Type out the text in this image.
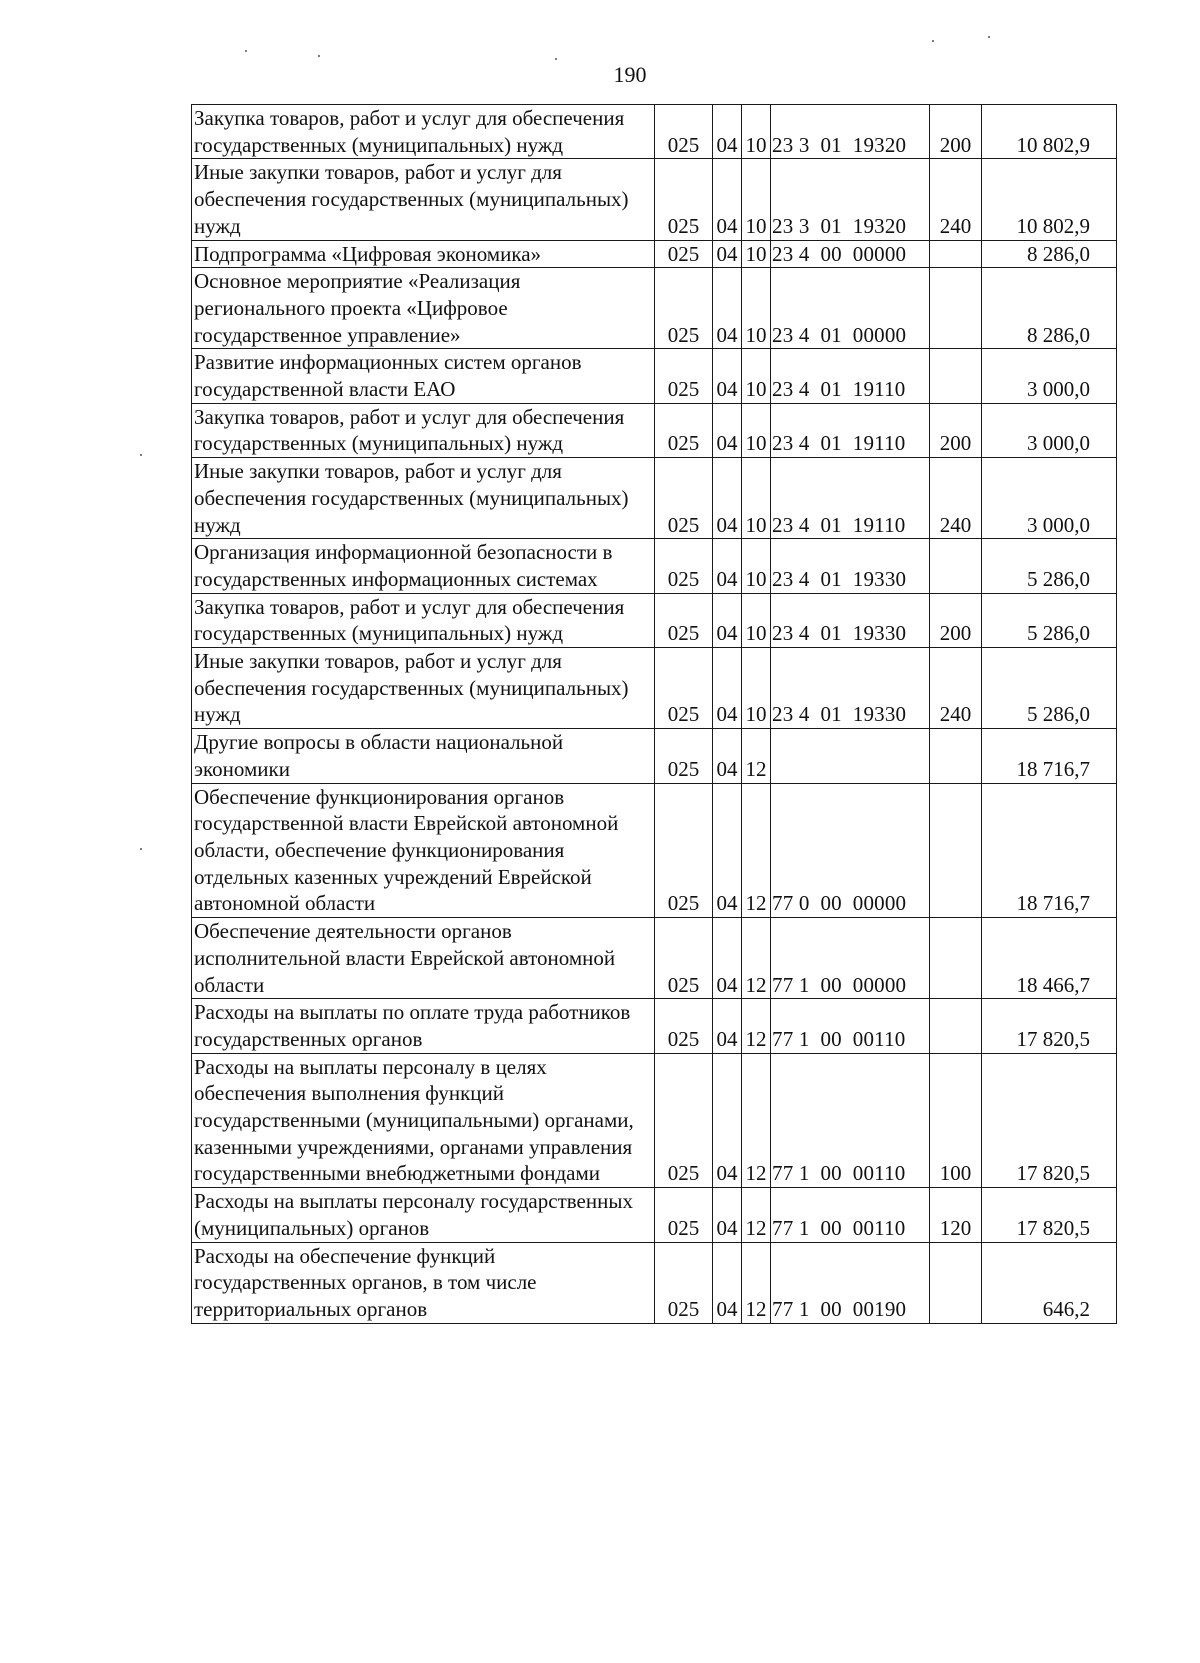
190
Закупка товаров, работ и услуг для обеспечения государственных (муниципальных) нужд	025	04	10	23 3  01  19320	200	10 802,9
Иные закупки товаров, работ и услуг для обеспечения государственных (муниципальных) нужд	025	04	10	23 3  01  19320	240	10 802,9
Подпрограмма «Цифровая экономика»	025	04	10	23 4  00  00000		8 286,0
Основное мероприятие «Реализация регионального проекта «Цифровое государственное управление»	025	04	10	23 4  01  00000		8 286,0
Развитие информационных систем органов государственной власти ЕАО	025	04	10	23 4  01  19110		3 000,0
Закупка товаров, работ и услуг для обеспечения государственных (муниципальных) нужд	025	04	10	23 4  01  19110	200	3 000,0
Иные закупки товаров, работ и услуг для обеспечения государственных (муниципальных) нужд	025	04	10	23 4  01  19110	240	3 000,0
Организация информационной безопасности в государственных информационных системах	025	04	10	23 4  01  19330		5 286,0
Закупка товаров, работ и услуг для обеспечения государственных (муниципальных) нужд	025	04	10	23 4  01  19330	200	5 286,0
Иные закупки товаров, работ и услуг для обеспечения государственных (муниципальных) нужд	025	04	10	23 4  01  19330	240	5 286,0
Другие вопросы в области национальной экономики	025	04	12			18 716,7
Обеспечение функционирования органов государственной власти Еврейской автономной области, обеспечение функционирования отдельных казенных учреждений Еврейской автономной области	025	04	12	77 0  00  00000		18 716,7
Обеспечение деятельности органов исполнительной власти Еврейской автономной области	025	04	12	77 1  00  00000		18 466,7
Расходы на выплаты по оплате труда работников государственных органов	025	04	12	77 1  00  00110		17 820,5
Расходы на выплаты персоналу в целях обеспечения выполнения функций государственными (муниципальными) органами, казенными учреждениями, органами управления государственными внебюджетными фондами	025	04	12	77 1  00  00110	100	17 820,5
Расходы на выплаты персоналу государственных (муниципальных) органов	025	04	12	77 1  00  00110	120	17 820,5
Расходы на обеспечение функций государственных органов, в том числе территориальных органов	025	04	12	77 1  00  00190		646,2
